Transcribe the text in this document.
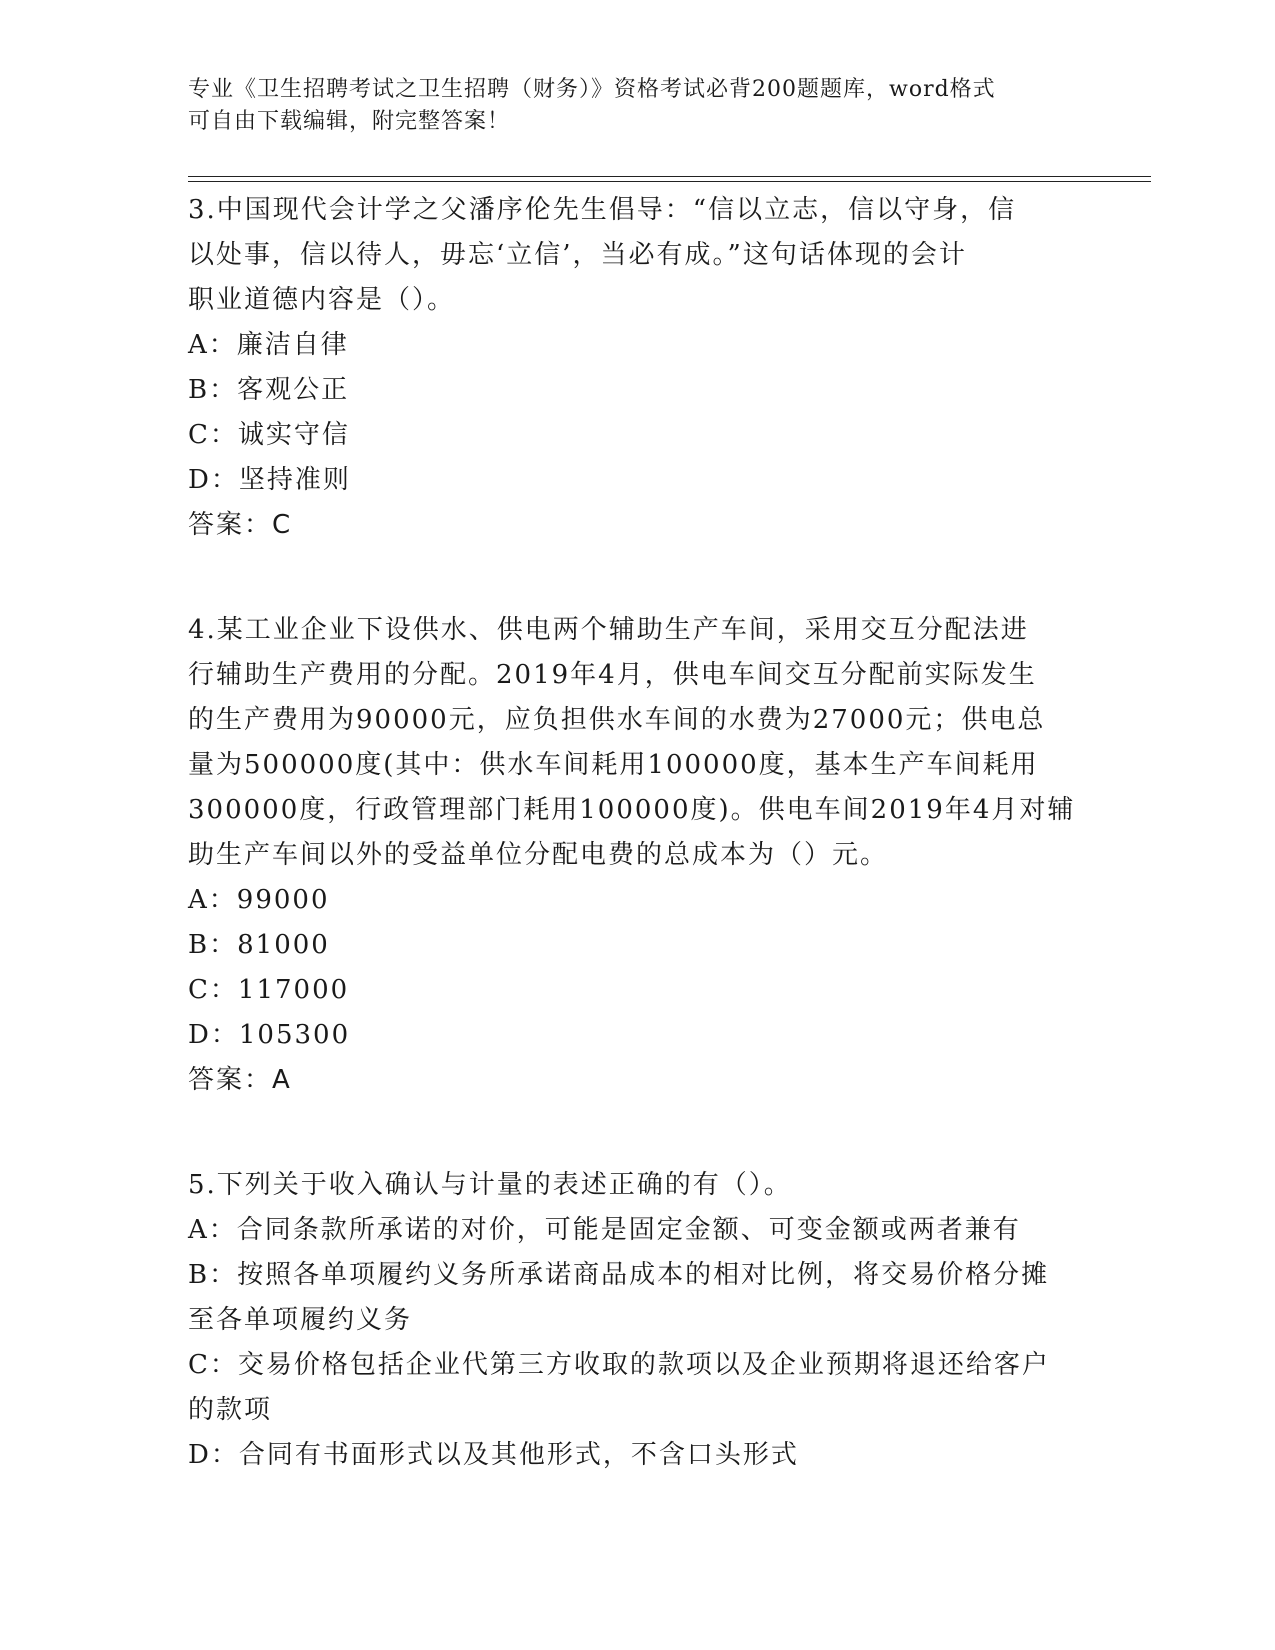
专业《卫生招聘考试之卫生招聘（财务）》资格考试必背200题题库，word格式
可自由下载编辑，附完整答案！

3.中国现代会计学之父潘序伦先生倡导：“信以立志，信以守身，信

以处事，信以待人，毋忘‘立信’，当必有成。”这句话体现的会计

职业道德内容是（）。

A：廉洁自律

B：客观公正

C：诚实守信

D：坚持准则

答案：C

4.某工业企业下设供水、供电两个辅助生产车间，采用交互分配法进

行辅助生产费用的分配。2019年4月，供电车间交互分配前实际发生

的生产费用为90000元，应负担供水车间的水费为27000元；供电总

量为500000度(其中：供水车间耗用100000度，基本生产车间耗用

300000度，行政管理部门耗用100000度)。供电车间2019年4月对辅

助生产车间以外的受益单位分配电费的总成本为（）元。

A：99000

B：81000

C：117000

D：105300

答案：A

5.下列关于收入确认与计量的表述正确的有（）。

A：合同条款所承诺的对价，可能是固定金额、可变金额或两者兼有

B：按照各单项履约义务所承诺商品成本的相对比例，将交易价格分摊

至各单项履约义务

C：交易价格包括企业代第三方收取的款项以及企业预期将退还给客户

的款项

D：合同有书面形式以及其他形式，不含口头形式
